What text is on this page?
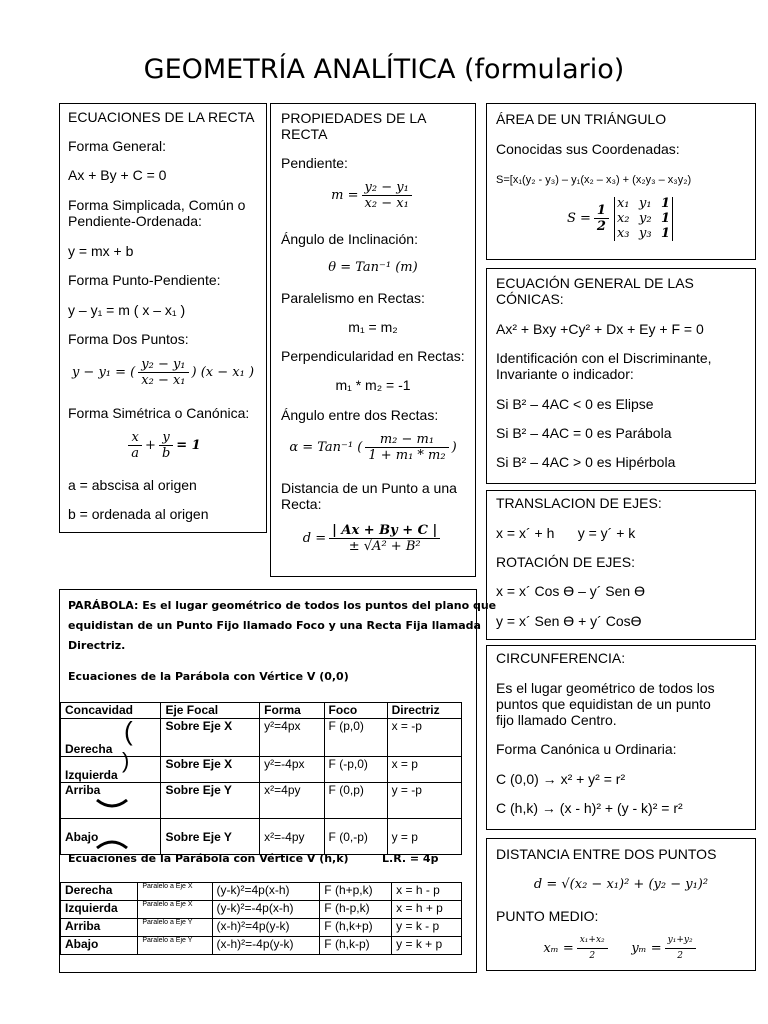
GEOMETRÍA ANALÍTICA (formulario)
ECUACIONES DE LA RECTA
Forma General:
Ax + By + C = 0
Forma Simplicada, Común o
Pendiente-Ordenada:
y = mx + b
Forma Punto-Pendiente:
y – y₁ = m ( x – x₁ )
Forma Dos Puntos:
y − y₁ = ( $\frac{\text{y₂ − y₁}}{\text{x₂ − x₁}}$ ) (x − x₁ )
Forma Simétrica o Canónica:
$\frac{x}{a} + \frac{y}{b} = 1$
a = abscisa al origen
b = ordenada al origen
PROPIEDADES DE LA
RECTA
Pendiente:
$m = \frac{\text{y₂ − y₁}}{\text{x₂ − x₁}}$
Ángulo de Inclinación:
θ = Tan⁻¹ (m)
Paralelismo en Rectas:
m₁ = m₂
Perpendicularidad en Rectas:
m₁ * m₂ = -1
Ángulo entre dos Rectas:
α = Tan⁻¹ ( $\frac{\text{m₂ − m₁}}{\text{1 + m₁ * m₂}}$ )
Distancia de un Punto a una
Recta:
$d = \frac{| Ax + By + C |}{\text{± √A² + B²}}$
ÁREA DE UN TRIÁNGULO
Conocidas sus Coordenadas:
S=[x₁(y₂ - y₃) – y₁(x₂ – x₃) + (x₂y₃ – x₃y₂)
$S = \frac{1}{2} x_1$ y₁ 1
x₂ y₂ 1
x₃ y₃ 1
ECUACIÓN GENERAL DE LAS
CÓNICAS:
Ax² + Bxy +Cy² + Dx + Ey + F = 0
Identificación con el Discriminante,
Invariante o indicador:
Si B² – 4AC < 0 es Elipse
Si B² – 4AC = 0 es Parábola
Si B² – 4AC > 0 es Hipérbola
TRANSLACION DE EJES:
x = x´ + h      y = y´ + k
ROTACIÓN DE EJES:
x = x´ Cos ϴ – y´ Sen ϴ
y = x´ Sen ϴ + y´ Cosϴ
CIRCUNFERENCIA:
Es el lugar geométrico de todos los
puntos que equidistan de un punto
fijo llamado Centro.
Forma Canónica u Ordinaria:
C (0,0) → x² + y² = r²
C (h,k) → (x - h)² + (y - k)² = r²
DISTANCIA ENTRE DOS PUNTOS
d = √(x₂ − x₁)² + (y₂ − y₁)²
PUNTO MEDIO:
$x_m = \frac{\text{x₁+x₂}}{2}$ $y_m = \frac{\text{y₁+y₂}}{2}$
PARÁBOLA: Es el lugar geométrico de todos los puntos del plano que
equidistan de un Punto Fijo llamado Foco y una Recta Fija llamada
Directriz.
Ecuaciones de la Parábola con Vértice V (0,0)
Ecuaciones de la Parábola con Vértice V (h,k)	L.R. = 4p
Concavidad	Eje Focal	Forma	Foco	Directriz
Derecha	Sobre Eje X	y²=4px	F (p,0)	x = -p
Izquierda	Sobre Eje X	y²=-4px	F (-p,0)	x = p
Arriba	Sobre Eje Y	x²=4py	F (0,p)	y = -p
Abajo	Sobre Eje Y	x²=-4py	F (0,-p)	y = p
(
)
Derecha	Paralelo a Eje X	(y-k)²=4p(x-h)	F (h+p,k)	x = h - p
Izquierda	Paralelo a Eje X	(y-k)²=-4p(x-h)	F (h-p,k)	x = h + p
Arriba	Paralelo a Eje Y	(x-h)²=4p(y-k)	F (h,k+p)	y = k - p
Abajo	Paralelo a Eje Y	(x-h)²=-4p(y-k)	F (h,k-p)	y = k + p
